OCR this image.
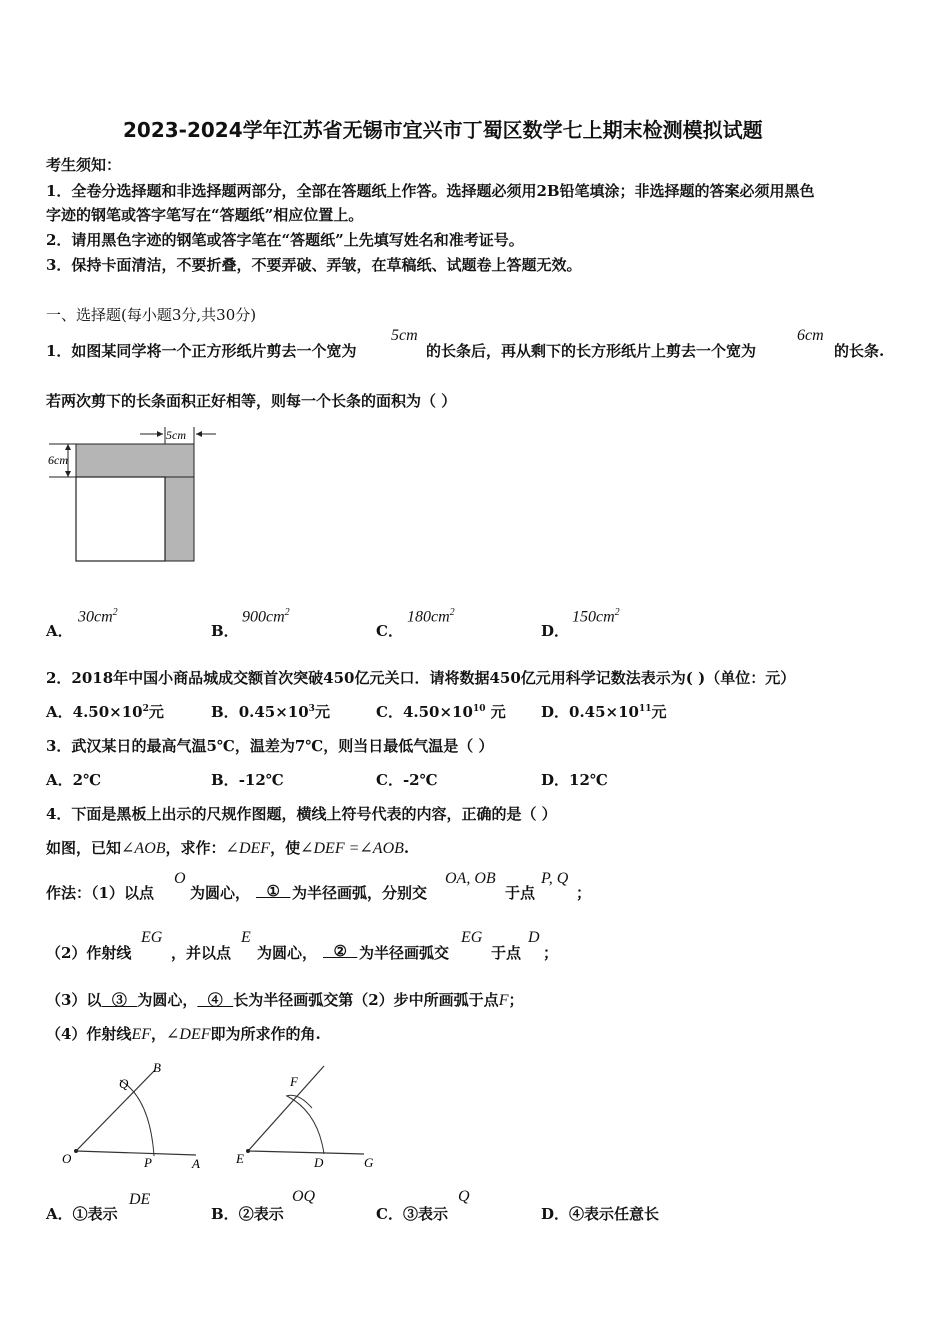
2023-2024学年江苏省无锡市宜兴市丁蜀区数学七上期末检测模拟试题
考生须知：
1．全卷分选择题和非选择题两部分，全部在答题纸上作答。选择题必须用2B铅笔填涂；非选择题的答案必须用黑色
字迹的钢笔或答字笔写在“答题纸”相应位置上。
2．请用黑色字迹的钢笔或答字笔在“答题纸”上先填写姓名和准考证号。
3．保持卡面清洁，不要折叠，不要弄破、弄皱，在草稿纸、试题卷上答题无效。
一、选择题(每小题3分,共30分)
1．如图某同学将一个正方形纸片剪去一个宽为
5cm
的长条后，再从剩下的长方形纸片上剪去一个宽为
6cm
的长条.
若两次剪下的长条面积正好相等，则每一个长条的面积为（ ）
5cm
6cm
A．
$30cm^2$
B．
$900cm^2$
C．
$180cm^2$
D．
$150cm^2$
2．2018年中国小商品城成交额首次突破450亿元关口．请将数据450亿元用科学记数法表示为( )（单位：元）
A．$4.50\times 10^2$元	B．$0.45\times 10^3$元	C．$4.50\times 10^{10}$ 元 D．$0.45\times 10^{11}$元
3．武汉某日的最高气温5℃，温差为7℃，则当日最低气温是（ ）
A．2℃	B．-12℃	C．-2℃	D．12℃
4．下面是黑板上出示的尺规作图题，横线上符号代表的内容，正确的是（ ）
如图，已知∠AOB，求作：∠DEF，使∠DEF =∠AOB.
作法：（1）以点
O
为圆心， ① 为半径画弧，分别交
OA, OB
于点
P, Q
；
（2）作射线
EG
，并以点
E
为圆心， ② 为半径画弧交
EG
于点
D
；
（3）以  ③  为圆心，  ④  长为半径画弧交第（2）步中所画弧于点F；
（4）作射线EF，∠DEF即为所求作的角.
B
Q
O	P	A
F
E	D	G
A．①表示
DE
B．②表示
OQ
C．③表示
Q
D．④表示任意长
